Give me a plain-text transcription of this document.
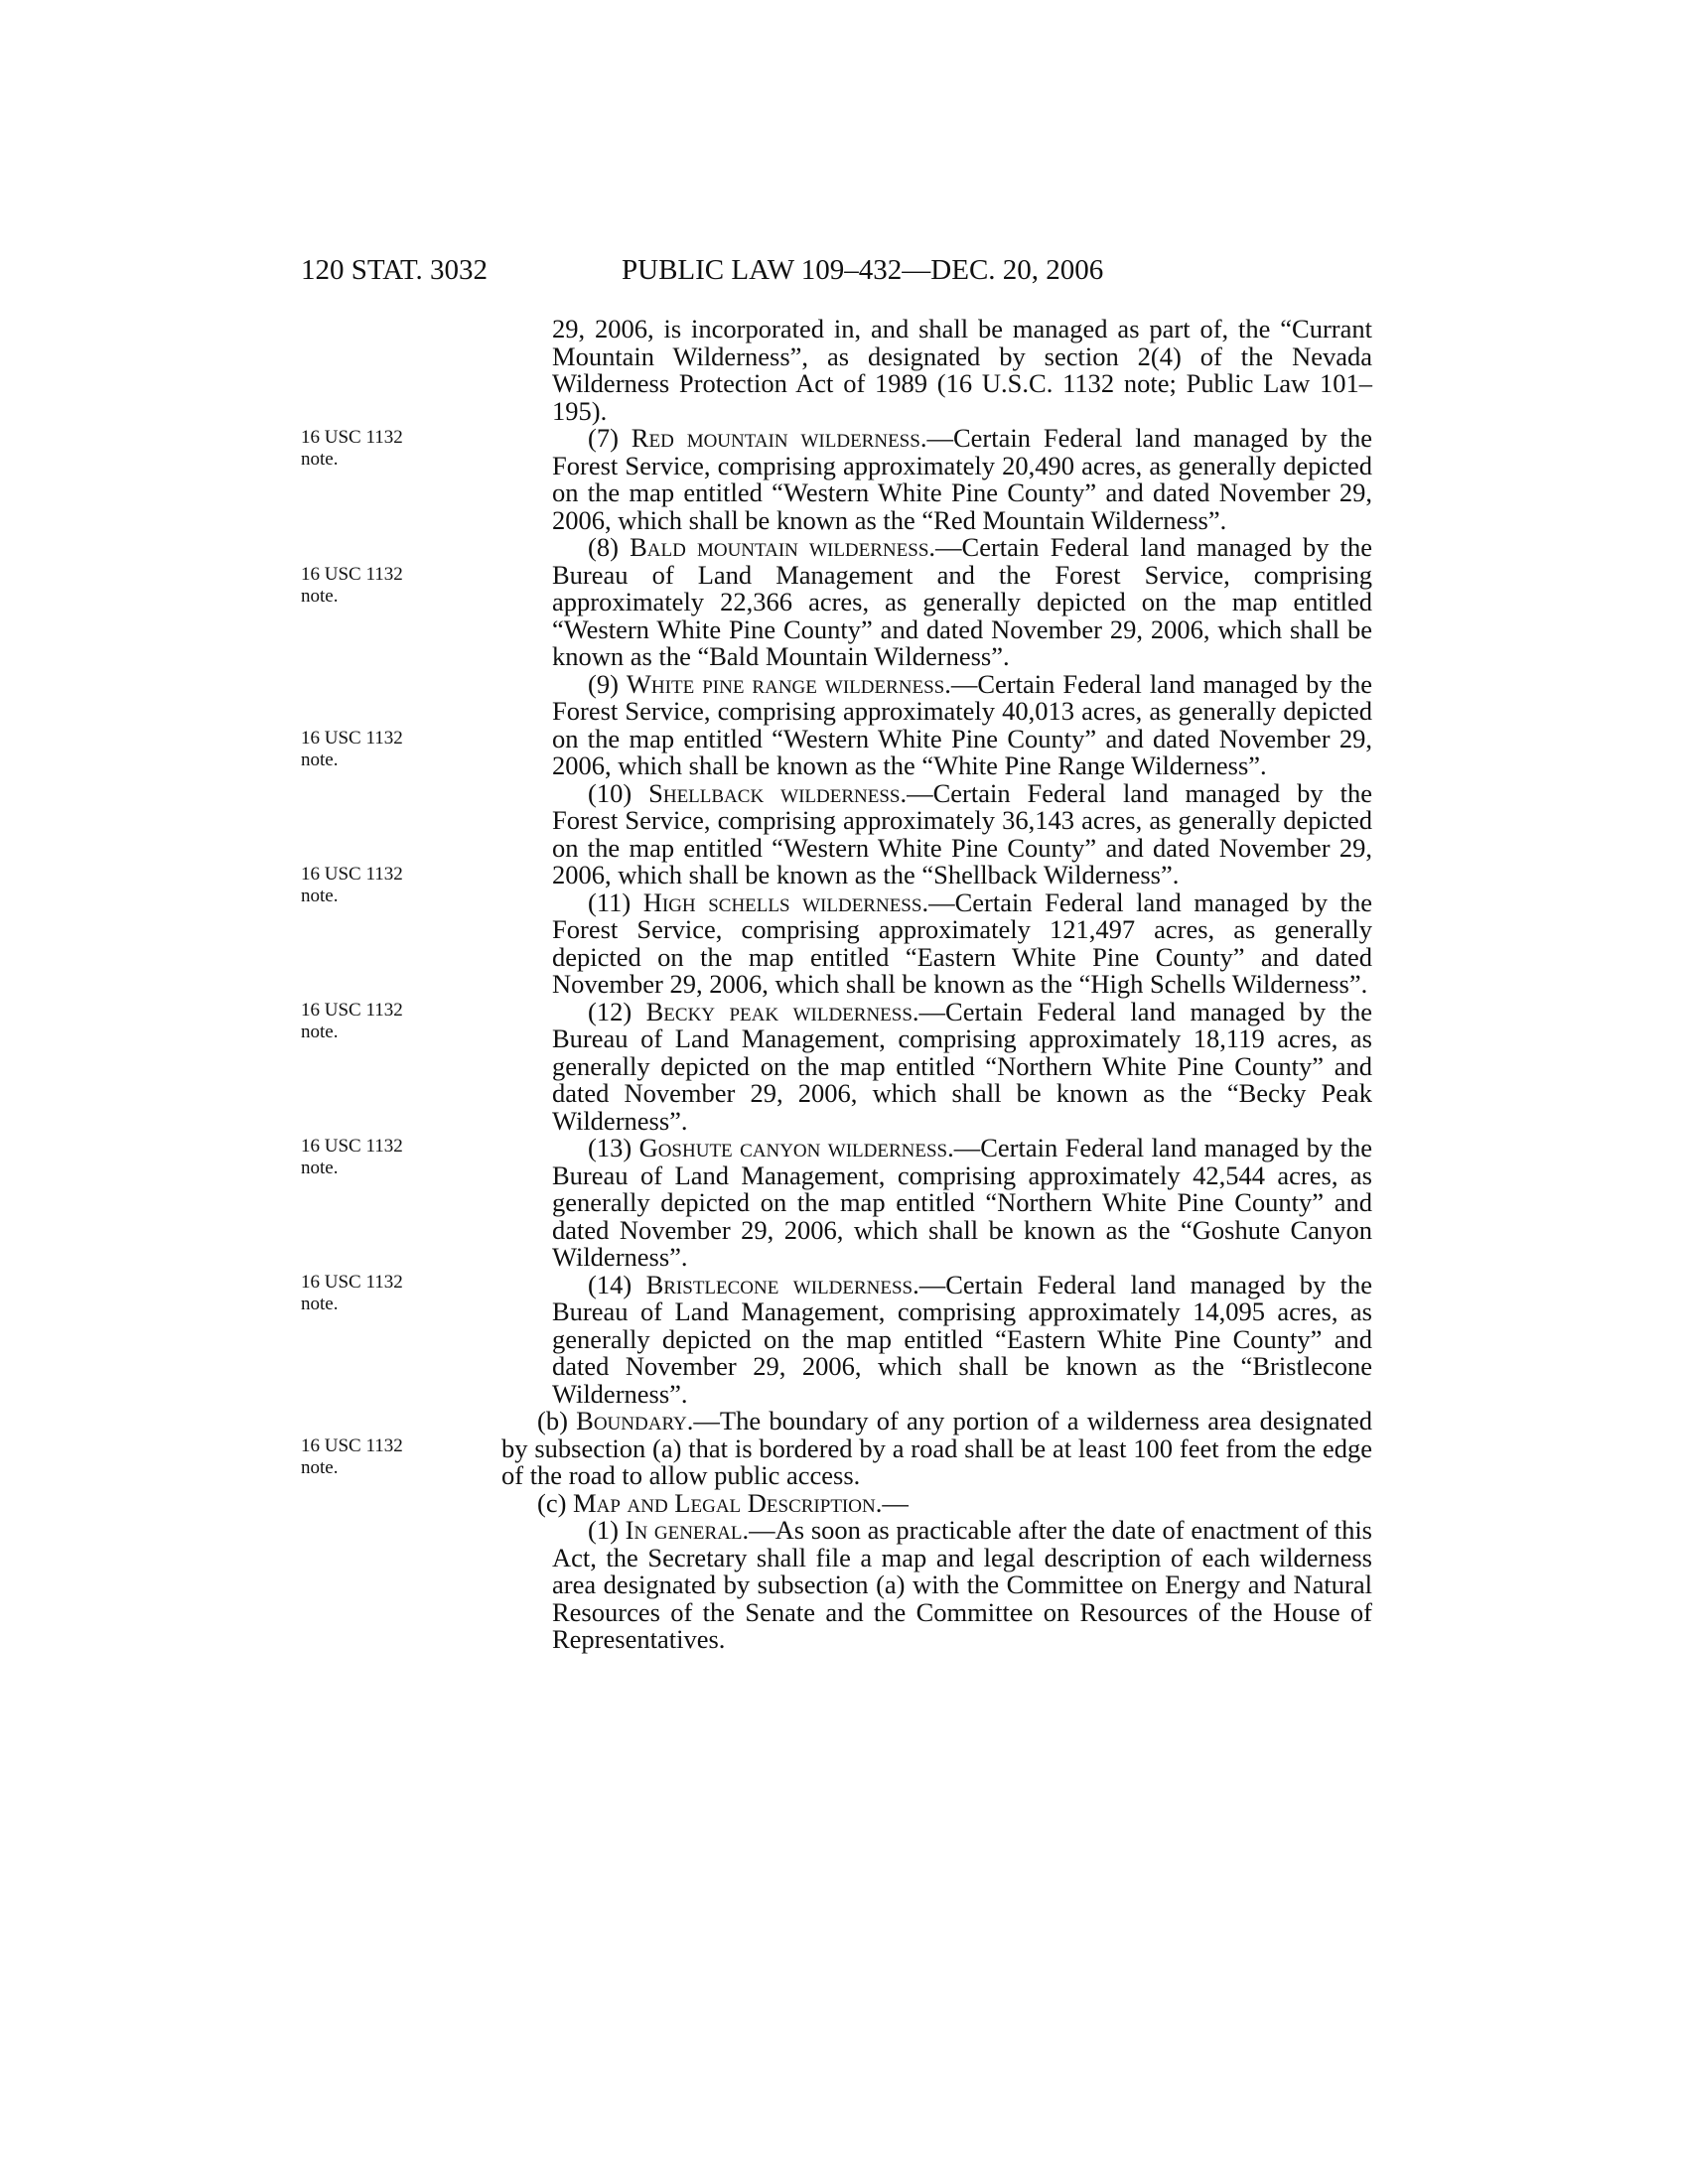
120 STAT. 3032	PUBLIC LAW 109–432—DEC. 20, 2006
16 USC 1132
note.
16 USC 1132
note.
16 USC 1132
note.
16 USC 1132
note.
16 USC 1132
note.
16 USC 1132
note.
16 USC 1132
note.
16 USC 1132
note.

29, 2006, is incorporated in, and shall be managed as part of, the “Currant Mountain Wilderness”, as designated by section 2(4) of the Nevada Wilderness Protection Act of 1989 (16 U.S.C. 1132 note; Public Law 101–195).

(7) Red mountain wilderness.—Certain Federal land managed by the Forest Service, comprising approximately 20,490 acres, as generally depicted on the map entitled “Western White Pine County” and dated November 29, 2006, which shall be known as the “Red Mountain Wilderness”.

(8) Bald mountain wilderness.—Certain Federal land managed by the Bureau of Land Management and the Forest Service, comprising approximately 22,366 acres, as generally depicted on the map entitled “Western White Pine County” and dated November 29, 2006, which shall be known as the “Bald Mountain Wilderness”.

(9) White pine range wilderness.—Certain Federal land managed by the Forest Service, comprising approximately 40,013 acres, as generally depicted on the map entitled “Western White Pine County” and dated November 29, 2006, which shall be known as the “White Pine Range Wilderness”.

(10) Shellback wilderness.—Certain Federal land managed by the Forest Service, comprising approximately 36,143 acres, as generally depicted on the map entitled “Western White Pine County” and dated November 29, 2006, which shall be known as the “Shellback Wilderness”.

(11) High schells wilderness.—Certain Federal land managed by the Forest Service, comprising approximately 121,497 acres, as generally depicted on the map entitled “Eastern White Pine County” and dated November 29, 2006, which shall be known as the “High Schells Wilderness”.

(12) Becky peak wilderness.—Certain Federal land managed by the Bureau of Land Management, comprising approximately 18,119 acres, as generally depicted on the map entitled “Northern White Pine County” and dated November 29, 2006, which shall be known as the “Becky Peak Wilderness”.

(13) Goshute canyon wilderness.—Certain Federal land managed by the Bureau of Land Management, comprising approximately 42,544 acres, as generally depicted on the map entitled “Northern White Pine County” and dated November 29, 2006, which shall be known as the “Goshute Canyon Wilderness”.

(14) Bristlecone wilderness.—Certain Federal land managed by the Bureau of Land Management, comprising approximately 14,095 acres, as generally depicted on the map entitled “Eastern White Pine County” and dated November 29, 2006, which shall be known as the “Bristlecone Wilderness”.

(b) Boundary.—The boundary of any portion of a wilderness area designated by subsection (a) that is bordered by a road shall be at least 100 feet from the edge of the road to allow public access.

(c) Map and Legal Description.—

(1) In general.—As soon as practicable after the date of enactment of this Act, the Secretary shall file a map and legal description of each wilderness area designated by subsection (a) with the Committee on Energy and Natural Resources of the Senate and the Committee on Resources of the House of Representatives.
